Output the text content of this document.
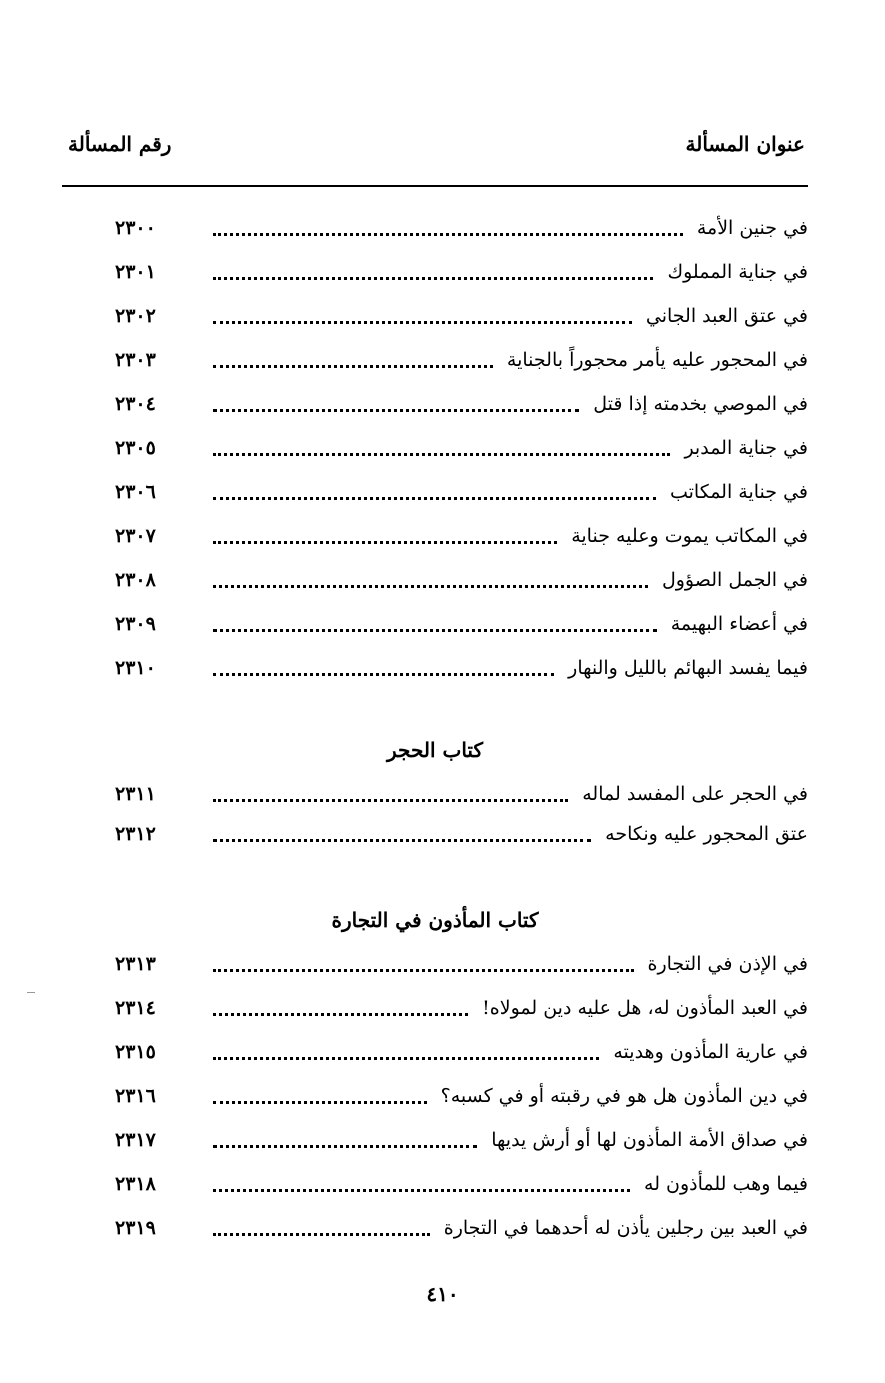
عنوان المسألة
رقم المسألة
في جنين الأمة
٢٣٠٠
في جناية المملوك
٢٣٠١
في عتق العبد الجاني
٢٣٠٢
في المحجور عليه يأمر محجوراً بالجناية
٢٣٠٣
في الموصي بخدمته إذا قتل
٢٣٠٤
في جناية المدبر
٢٣٠٥
في جناية المكاتب
٢٣٠٦
في المكاتب يموت وعليه جناية
٢٣٠٧
في الجمل الصؤول
٢٣٠٨
في أعضاء البهيمة
٢٣٠٩
فيما يفسد البهائم بالليل والنهار
٢٣١٠
كتاب الحجر
في الحجر على المفسد لماله
٢٣١١
عتق المحجور عليه ونكاحه
٢٣١٢
كتاب المأذون في التجارة
في الإذن في التجارة
٢٣١٣
في العبد المأذون له، هل عليه دين لمولاه!
٢٣١٤
في عارية المأذون وهديته
٢٣١٥
في دين المأذون هل هو في رقبته أو في كسبه؟
٢٣١٦
في صداق الأمة المأذون لها أو أرش يديها
٢٣١٧
فيما وهب للمأذون له
٢٣١٨
في العبد بين رجلين يأذن له أحدهما في التجارة
٢٣١٩
٤١٠
